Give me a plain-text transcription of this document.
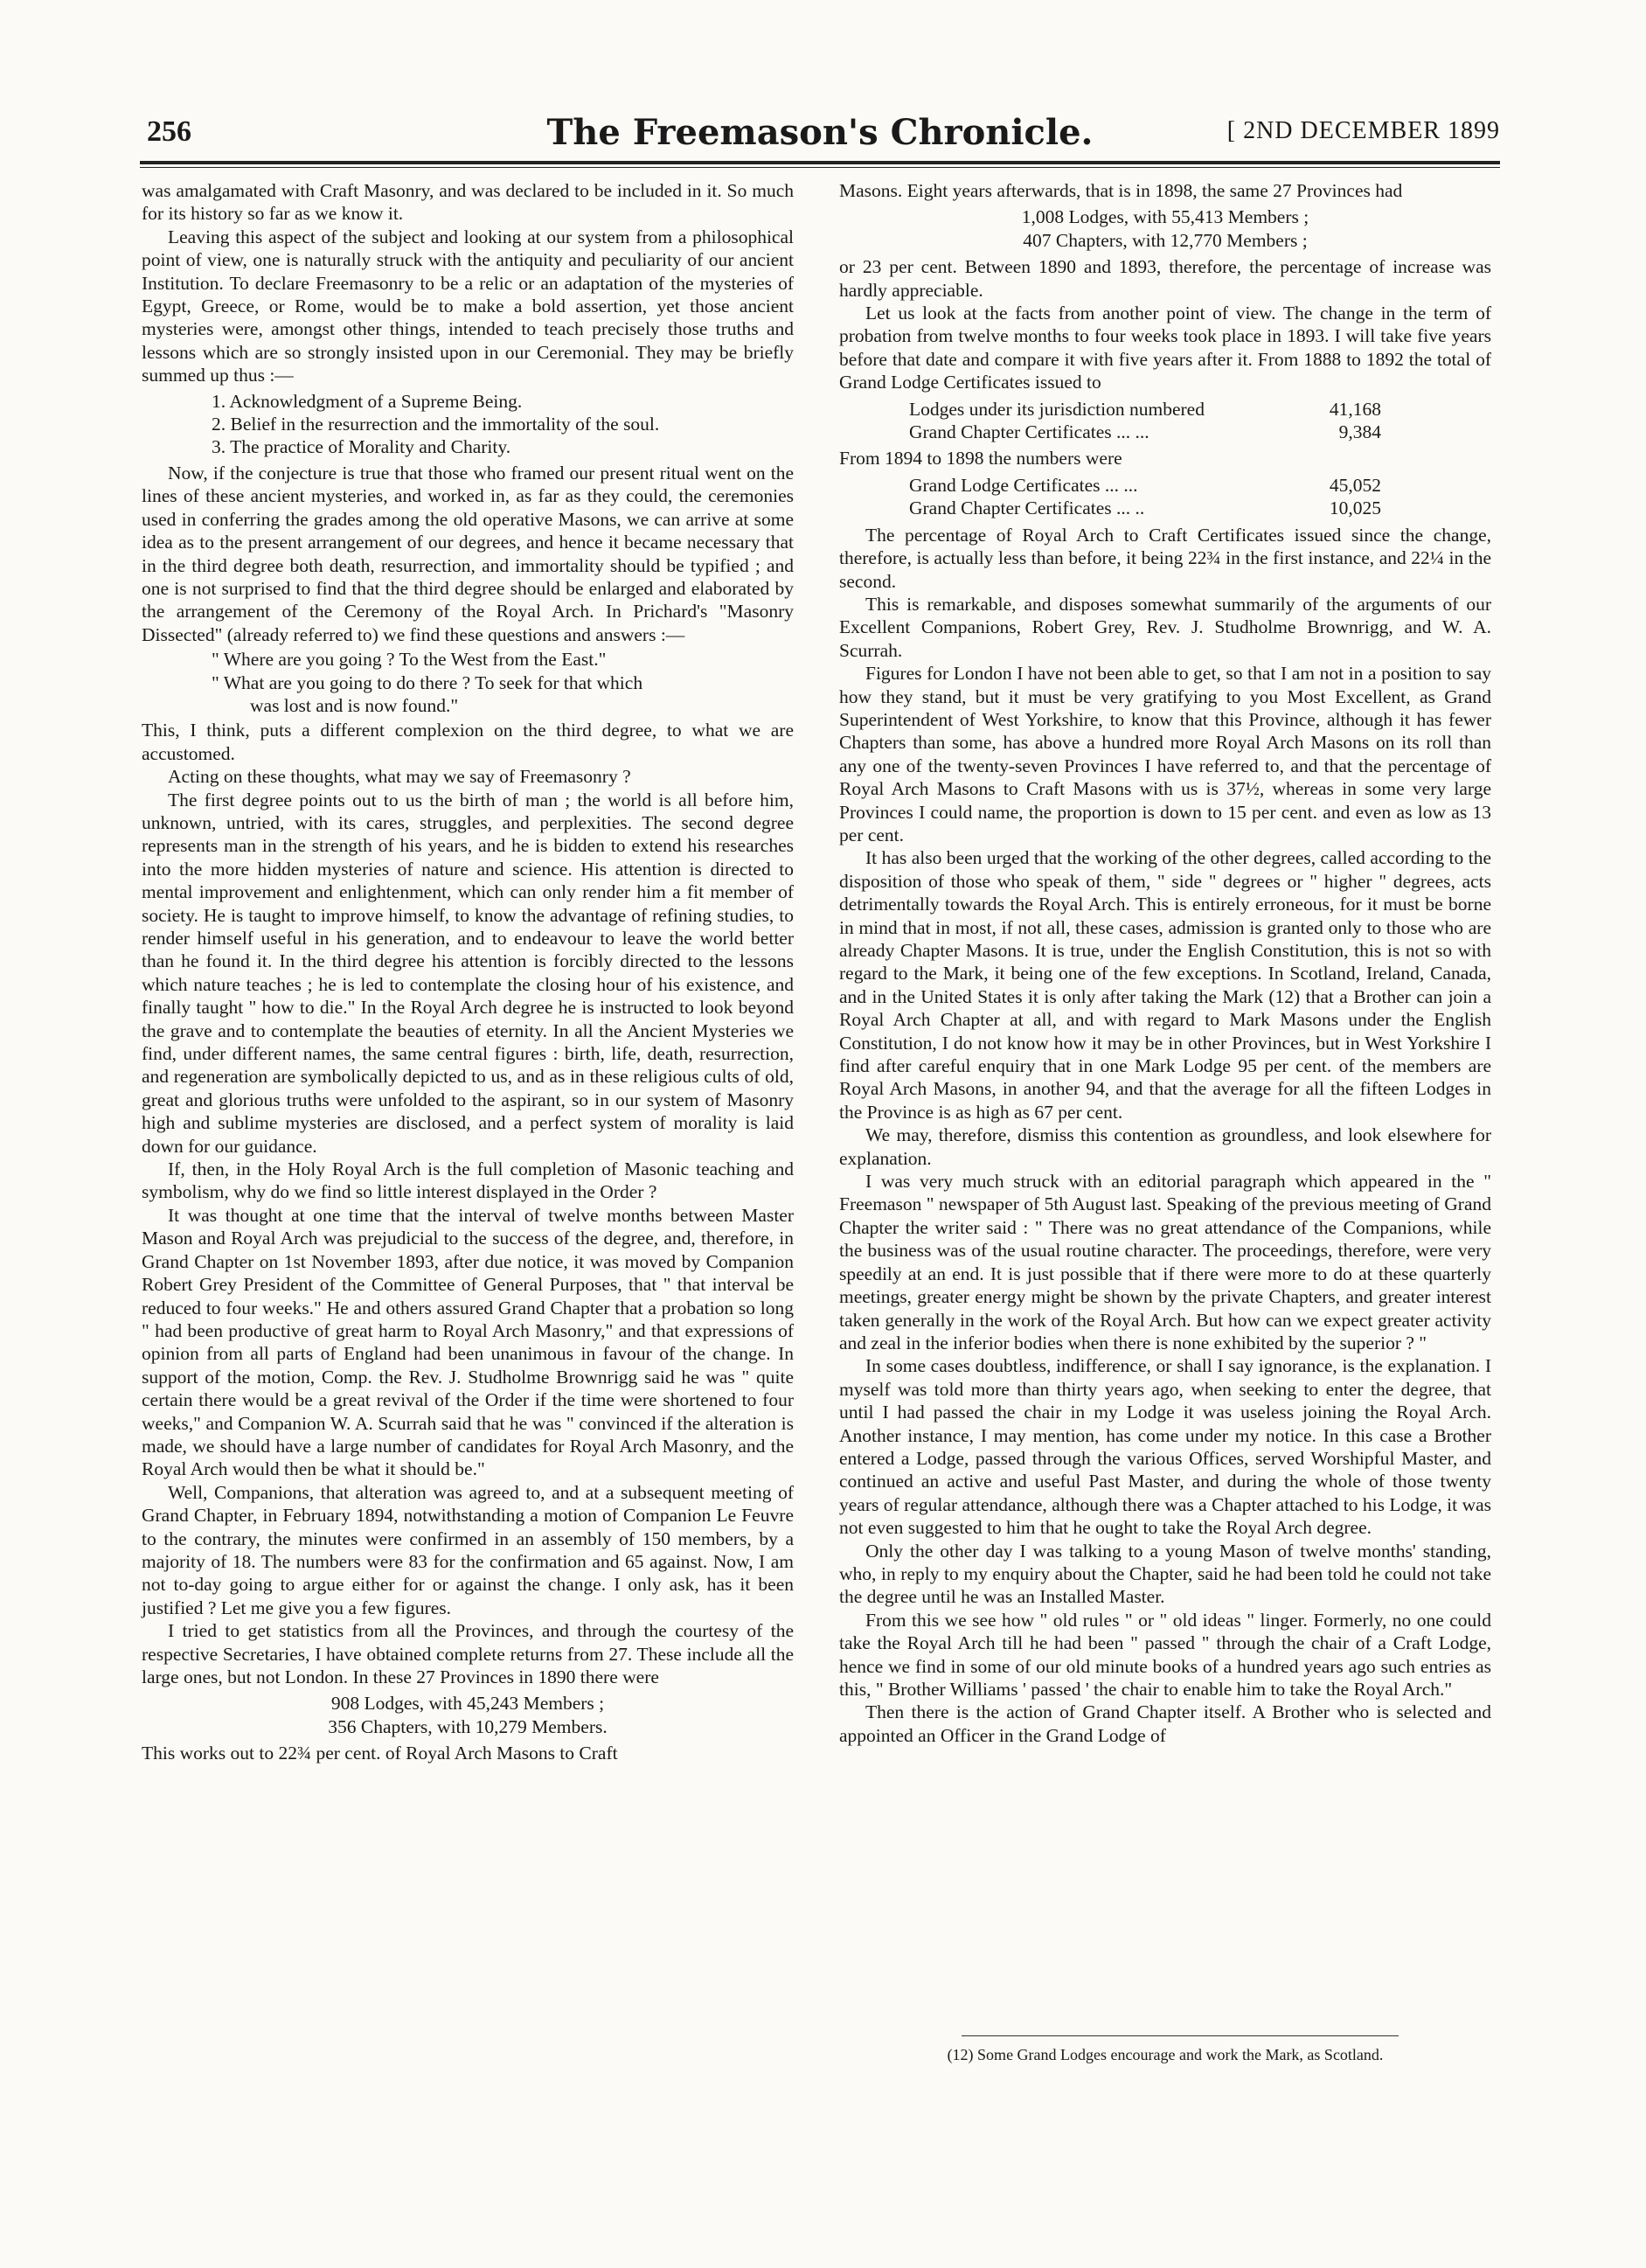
256	The Freemason's Chronicle.	[ 2ND DECEMBER 1899

was amalgamated with Craft Masonry, and was declared to be included in it. So much for its history so far as we know it.

Leaving this aspect of the subject and looking at our system from a philosophical point of view, one is naturally struck with the antiquity and peculiarity of our ancient Institution. To declare Freemasonry to be a relic or an adaptation of the mysteries of Egypt, Greece, or Rome, would be to make a bold assertion, yet those ancient mysteries were, amongst other things, intended to teach precisely those truths and lessons which are so strongly insisted upon in our Ceremonial. They may be briefly summed up thus :—

1. Acknowledgment of a Supreme Being.
2. Belief in the resurrection and the immortality of the soul.
3. The practice of Morality and Charity.

Now, if the conjecture is true that those who framed our present ritual went on the lines of these ancient mysteries, and worked in, as far as they could, the ceremonies used in conferring the grades among the old operative Masons, we can arrive at some idea as to the present arrangement of our degrees, and hence it became necessary that in the third degree both death, resurrection, and immortality should be typified ; and one is not surprised to find that the third degree should be enlarged and elaborated by the arrangement of the Ceremony of the Royal Arch. In Prichard's "Masonry Dissected" (already referred to) we find these questions and answers :—

" Where are you going ? To the West from the East."
" What are you going to do there ? To seek for that which
was lost and is now found."

This, I think, puts a different complexion on the third degree, to what we are accustomed.

Acting on these thoughts, what may we say of Freemasonry ?

The first degree points out to us the birth of man ; the world is all before him, unknown, untried, with its cares, struggles, and perplexities. The second degree represents man in the strength of his years, and he is bidden to extend his researches into the more hidden mysteries of nature and science. His attention is directed to mental improvement and enlightenment, which can only render him a fit member of society. He is taught to improve himself, to know the advantage of refining studies, to render himself useful in his generation, and to endeavour to leave the world better than he found it. In the third degree his attention is forcibly directed to the lessons which nature teaches ; he is led to contemplate the closing hour of his existence, and finally taught " how to die." In the Royal Arch degree he is instructed to look beyond the grave and to contemplate the beauties of eternity. In all the Ancient Mysteries we find, under different names, the same central figures : birth, life, death, resurrection, and regeneration are symbolically depicted to us, and as in these religious cults of old, great and glorious truths were unfolded to the aspirant, so in our system of Masonry high and sublime mysteries are disclosed, and a perfect system of morality is laid down for our guidance.

If, then, in the Holy Royal Arch is the full completion of Masonic teaching and symbolism, why do we find so little interest displayed in the Order ?

It was thought at one time that the interval of twelve months between Master Mason and Royal Arch was prejudicial to the success of the degree, and, therefore, in Grand Chapter on 1st November 1893, after due notice, it was moved by Companion Robert Grey President of the Committee of General Purposes, that " that interval be reduced to four weeks." He and others assured Grand Chapter that a probation so long " had been productive of great harm to Royal Arch Masonry," and that expressions of opinion from all parts of England had been unanimous in favour of the change. In support of the motion, Comp. the Rev. J. Studholme Brownrigg said he was " quite certain there would be a great revival of the Order if the time were shortened to four weeks," and Companion W. A. Scurrah said that he was " convinced if the alteration is made, we should have a large number of candidates for Royal Arch Masonry, and the Royal Arch would then be what it should be."

Well, Companions, that alteration was agreed to, and at a subsequent meeting of Grand Chapter, in February 1894, notwithstanding a motion of Companion Le Feuvre to the contrary, the minutes were confirmed in an assembly of 150 members, by a majority of 18. The numbers were 83 for the confirmation and 65 against. Now, I am not to-day going to argue either for or against the change. I only ask, has it been justified ? Let me give you a few figures.

I tried to get statistics from all the Provinces, and through the courtesy of the respective Secretaries, I have obtained complete returns from 27. These include all the large ones, but not London. In these 27 Provinces in 1890 there were

908 Lodges, with 45,243 Members ;
356 Chapters, with 10,279 Members.

This works out to 22¾ per cent. of Royal Arch Masons to Craft

Masons. Eight years afterwards, that is in 1898, the same 27 Provinces had

1,008 Lodges, with 55,413 Members ;
407 Chapters, with 12,770 Members ;

or 23 per cent. Between 1890 and 1893, therefore, the percentage of increase was hardly appreciable.

Let us look at the facts from another point of view. The change in the term of probation from twelve months to four weeks took place in 1893. I will take five years before that date and compare it with five years after it. From 1888 to 1892 the total of Grand Lodge Certificates issued to

Lodges under its jurisdiction numbered	41,168
Grand Chapter Certificates ... ...	9,384

From 1894 to 1898 the numbers were

Grand Lodge Certificates ... ...	45,052
Grand Chapter Certificates ... ..	10,025

The percentage of Royal Arch to Craft Certificates issued since the change, therefore, is actually less than before, it being 22¾ in the first instance, and 22¼ in the second.

This is remarkable, and disposes somewhat summarily of the arguments of our Excellent Companions, Robert Grey, Rev. J. Studholme Brownrigg, and W. A. Scurrah.

Figures for London I have not been able to get, so that I am not in a position to say how they stand, but it must be very gratifying to you Most Excellent, as Grand Superintendent of West Yorkshire, to know that this Province, although it has fewer Chapters than some, has above a hundred more Royal Arch Masons on its roll than any one of the twenty-seven Provinces I have referred to, and that the percentage of Royal Arch Masons to Craft Masons with us is 37½, whereas in some very large Provinces I could name, the proportion is down to 15 per cent. and even as low as 13 per cent.

It has also been urged that the working of the other degrees, called according to the disposition of those who speak of them, " side " degrees or " higher " degrees, acts detrimentally towards the Royal Arch. This is entirely erroneous, for it must be borne in mind that in most, if not all, these cases, admission is granted only to those who are already Chapter Masons. It is true, under the English Constitution, this is not so with regard to the Mark, it being one of the few exceptions. In Scotland, Ireland, Canada, and in the United States it is only after taking the Mark (12) that a Brother can join a Royal Arch Chapter at all, and with regard to Mark Masons under the English Constitution, I do not know how it may be in other Provinces, but in West Yorkshire I find after careful enquiry that in one Mark Lodge 95 per cent. of the members are Royal Arch Masons, in another 94, and that the average for all the fifteen Lodges in the Province is as high as 67 per cent.

We may, therefore, dismiss this contention as groundless, and look elsewhere for explanation.

I was very much struck with an editorial paragraph which appeared in the " Freemason " newspaper of 5th August last. Speaking of the previous meeting of Grand Chapter the writer said : " There was no great attendance of the Companions, while the business was of the usual routine character. The proceedings, therefore, were very speedily at an end. It is just possible that if there were more to do at these quarterly meetings, greater energy might be shown by the private Chapters, and greater interest taken generally in the work of the Royal Arch. But how can we expect greater activity and zeal in the inferior bodies when there is none exhibited by the superior ? "

In some cases doubtless, indifference, or shall I say ignorance, is the explanation. I myself was told more than thirty years ago, when seeking to enter the degree, that until I had passed the chair in my Lodge it was useless joining the Royal Arch. Another instance, I may mention, has come under my notice. In this case a Brother entered a Lodge, passed through the various Offices, served Worshipful Master, and continued an active and useful Past Master, and during the whole of those twenty years of regular attendance, although there was a Chapter attached to his Lodge, it was not even suggested to him that he ought to take the Royal Arch degree.

Only the other day I was talking to a young Mason of twelve months' standing, who, in reply to my enquiry about the Chapter, said he had been told he could not take the degree until he was an Installed Master.

From this we see how " old rules " or " old ideas " linger. Formerly, no one could take the Royal Arch till he had been " passed " through the chair of a Craft Lodge, hence we find in some of our old minute books of a hundred years ago such entries as this, " Brother Williams ' passed ' the chair to enable him to take the Royal Arch."

Then there is the action of Grand Chapter itself. A Brother who is selected and appointed an Officer in the Grand Lodge of

(12) Some Grand Lodges encourage and work the Mark, as Scotland.
